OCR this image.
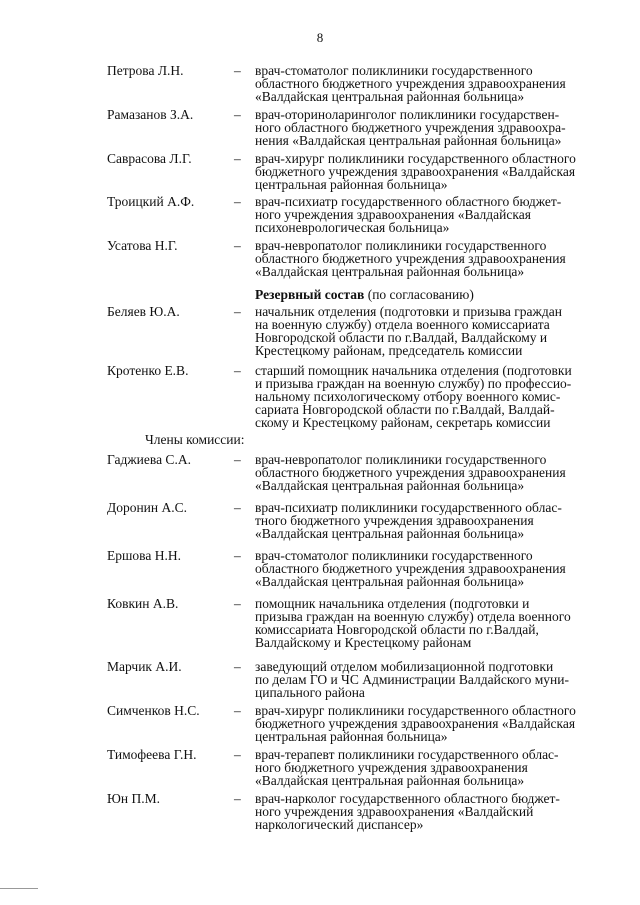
8
Резервный состав (по согласованию)
Члены комиссии:
Петрова Л.Н.	– врач-стоматолог поликлиники государственного
областного бюджетного учреждения здравоохранения
«Валдайская центральная районная больница»
Рамазанов З.А.	– врач-оториноларинголог поликлиники государствен-
ного областного бюджетного учреждения здравоохра-
нения «Валдайская центральная районная больница»
Саврасова Л.Г.	– врач-хирург поликлиники государственного областного
бюджетного учреждения здравоохранения «Валдайская
центральная районная больница»
Троицкий А.Ф.	– врач-психиатр государственного областного бюджет-
ного учреждения здравоохранения «Валдайская
психоневрологическая больница»
Усатова Н.Г.	– врач-невропатолог поликлиники государственного
областного бюджетного учреждения здравоохранения
«Валдайская центральная районная больница»
Беляев Ю.А.	– начальник отделения (подготовки и призыва граждан
на военную службу) отдела военного комиссариата
Новгородской области по г.Валдай, Валдайскому и
Крестецкому районам, председатель комиссии
Кротенко Е.В.	– старший помощник начальника отделения (подготовки
и призыва граждан на военную службу) по профессио-
нальному психологическому отбору военного комис-
сариата Новгородской области по г.Валдай, Валдай-
скому и Крестецкому районам, секретарь комиссии
Гаджиева С.А.	– врач-невропатолог поликлиники государственного
областного бюджетного учреждения здравоохранения
«Валдайская центральная районная больница»
Доронин А.С.	– врач-психиатр поликлиники государственного облас-
тного бюджетного учреждения здравоохранения
«Валдайская центральная районная больница»
Ершова Н.Н.	– врач-стоматолог поликлиники государственного
областного бюджетного учреждения здравоохранения
«Валдайская центральная районная больница»
Ковкин А.В.	– помощник начальника отделения (подготовки и
призыва граждан на военную службу) отдела военного
комиссариата Новгородской области по г.Валдай,
Валдайскому и Крестецкому районам
Марчик А.И.	– заведующий отделом мобилизационной подготовки
по делам ГО и ЧС Администрации Валдайского муни-
ципального района
Симченков Н.С.	– врач-хирург поликлиники государственного областного
бюджетного учреждения здравоохранения «Валдайская
центральная районная больница»
Тимофеева Г.Н.	– врач-терапевт поликлиники государственного облас-
ного бюджетного учреждения здравоохранения
«Валдайская центральная районная больница»
Юн П.М.	– врач-нарколог государственного областного бюджет-
ного учреждения здравоохранения «Валдайский
наркологический диспансер»
